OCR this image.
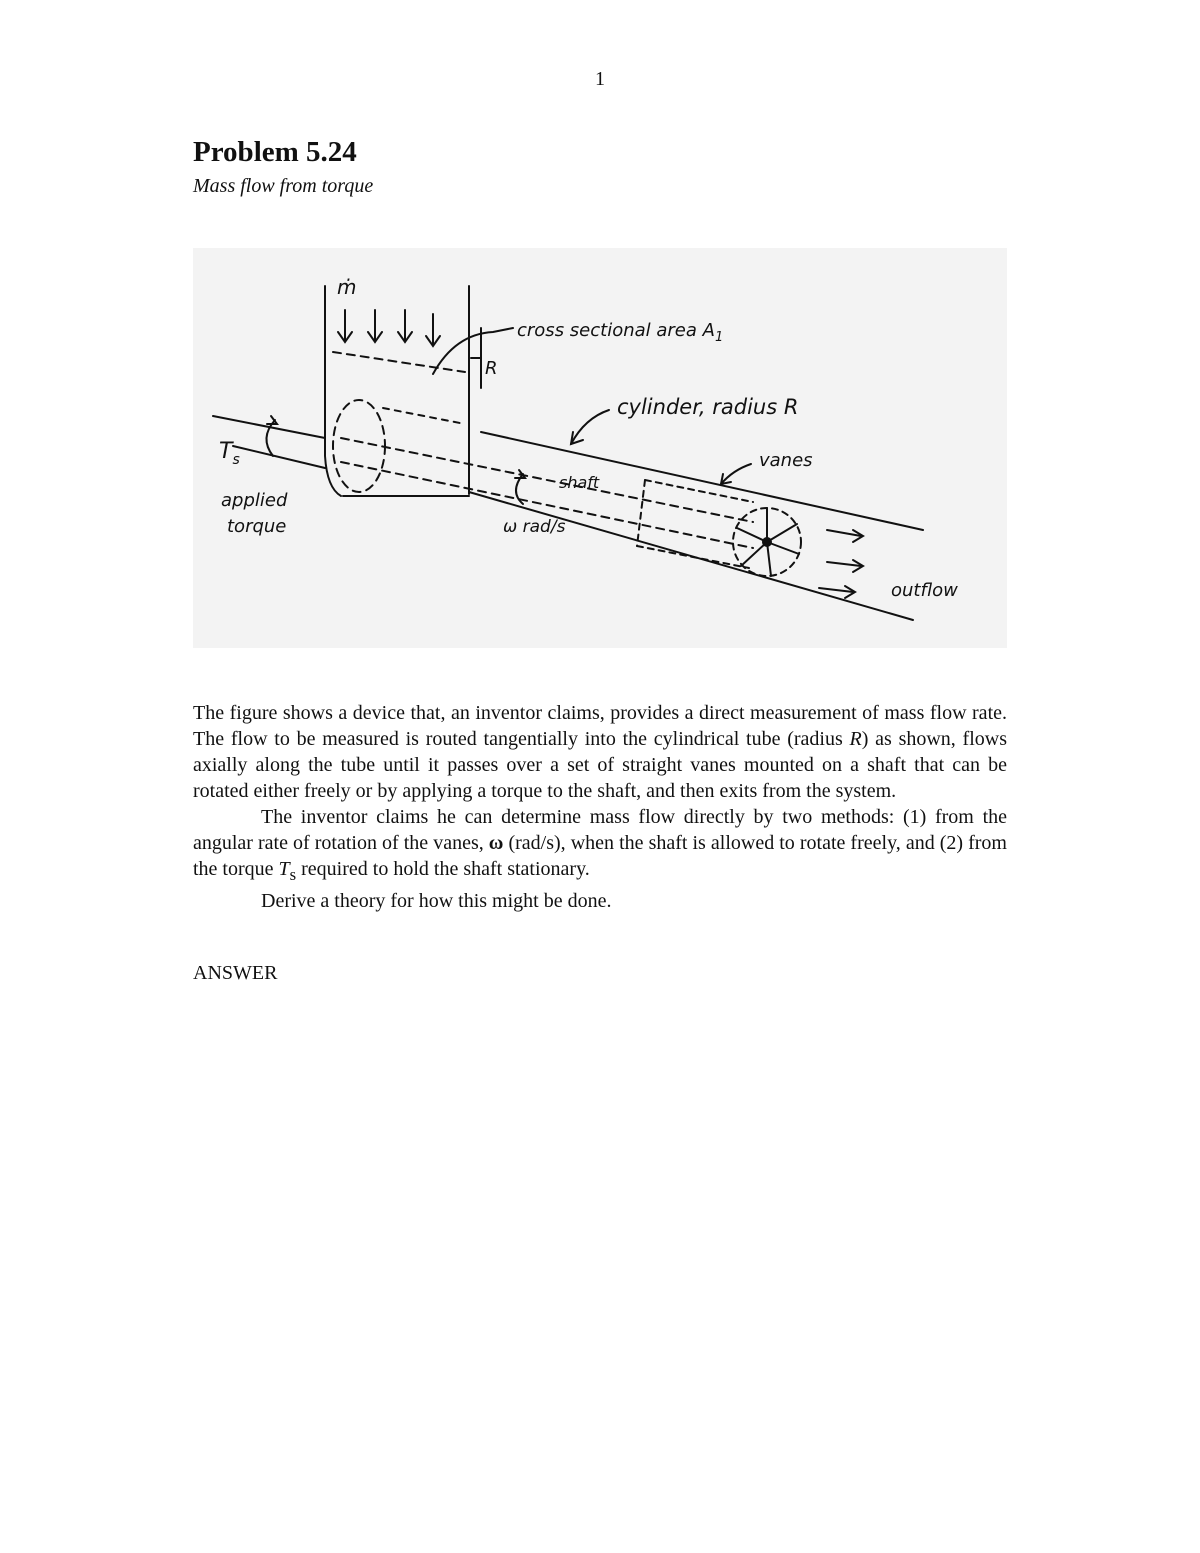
1
Problem 5.24
Mass flow from torque
ṁ
cross sectional area $A_1$
R
cylinder, radius R
$T_s$
applied
torque
shaft
ω rad/s
vanes
outflow

The figure shows a device that, an inventor claims, provides a direct measurement of mass flow rate. The flow to be measured is routed tangentially into the cylindrical tube (radius R) as shown, flows axially along the tube until it passes over a set of straight vanes mounted on a shaft that can be rotated either freely or by applying a torque to the shaft, and then exits from the system.

The inventor claims he can determine mass flow directly by two methods: (1) from the angular rate of rotation of the vanes, ω (rad/s), when the shaft is allowed to rotate freely, and (2) from the torque $T_s$ required to hold the shaft stationary.

Derive a theory for how this might be done.

ANSWER
